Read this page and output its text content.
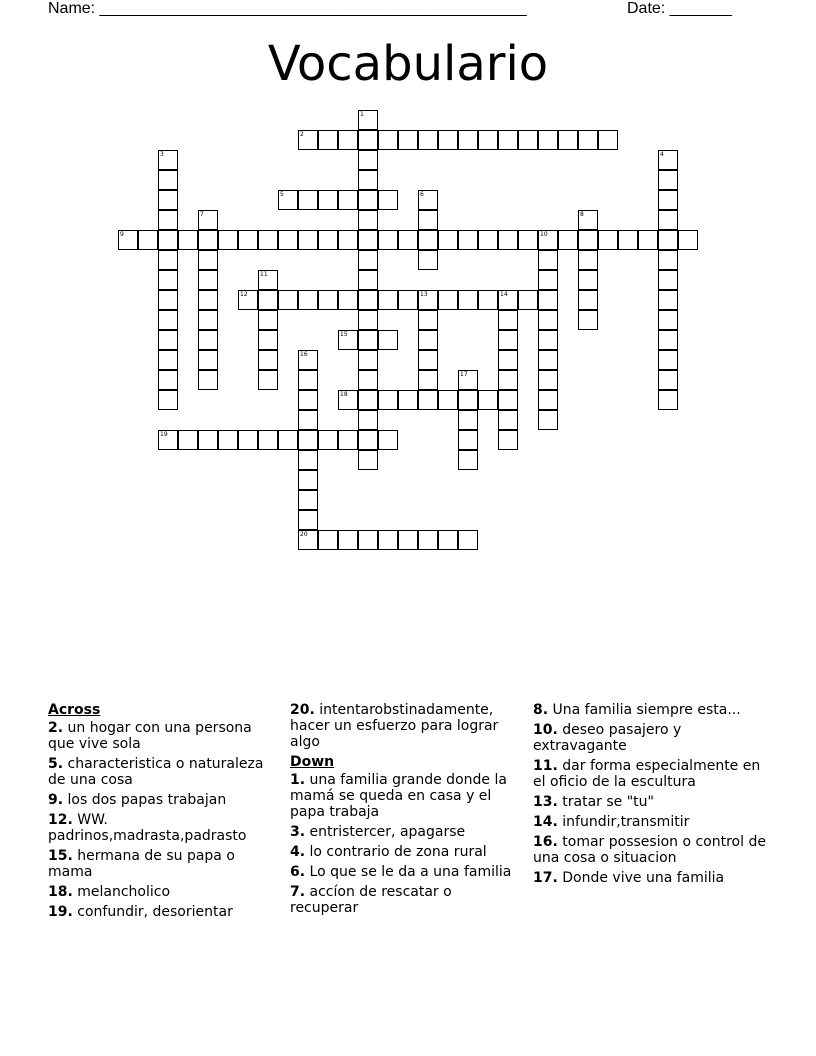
Name: ________________________________________________	Date: _______
Vocabulario
1
2
3	4
5	6
7	8
9	10
11
12	13	14
15
16
17
18
19
20
Across
2. un hogar con una persona que vive sola
5. characteristica o naturaleza de una cosa
9. los dos papas trabajan
12. WW. padrinos,madrasta,padrasto
15. hermana de su papa o mama
18. melancholico
19. confundir, desorientar
20. intentarobstinadamente, hacer un esfuerzo para lograr algo
Down
1. una familia grande donde la mamá se queda en casa y el papa trabaja
3. entristercer, apagarse
4. lo contrario de zona rural
6. Lo que se le da a una familia
7. accíon de rescatar o recuperar
8. Una familia siempre esta...
10. deseo pasajero y extravagante
11. dar forma especialmente en el oficio de la escultura
13. tratar se "tu"
14. infundir,transmitir
16. tomar possesion o control de una cosa o situacion
17. Donde vive una familia
